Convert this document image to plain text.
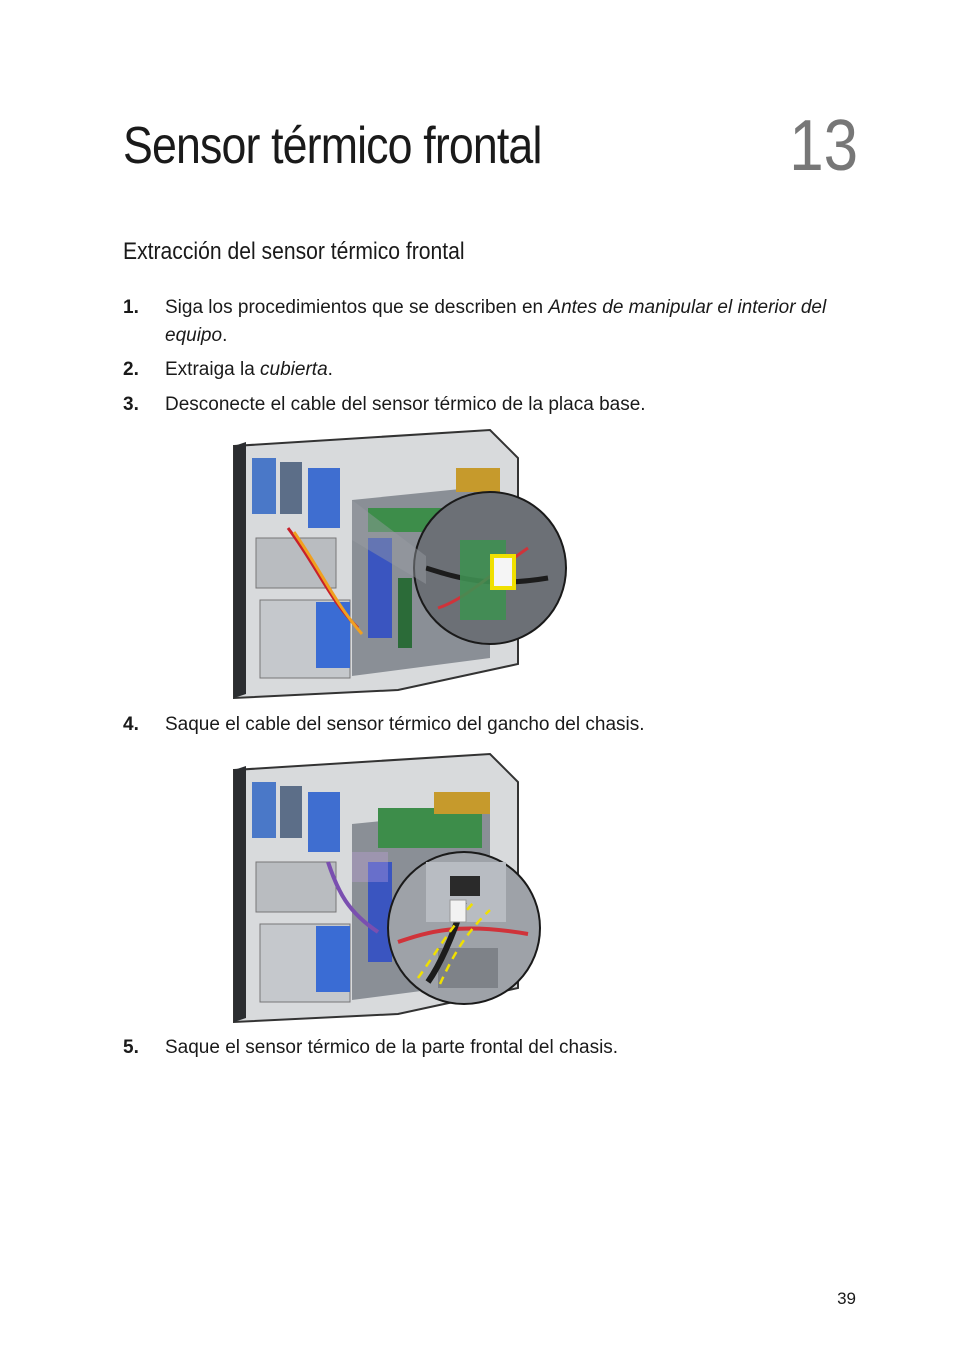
Sensor térmico frontal	13
Extracción del sensor térmico frontal
1. Siga los procedimientos que se describen en Antes de manipular el interior del equipo.
2. Extraiga la cubierta.
3. Desconecte el cable del sensor térmico de la placa base.
4. Saque el cable del sensor térmico del gancho del chasis.
5. Saque el sensor térmico de la parte frontal del chasis.
39
